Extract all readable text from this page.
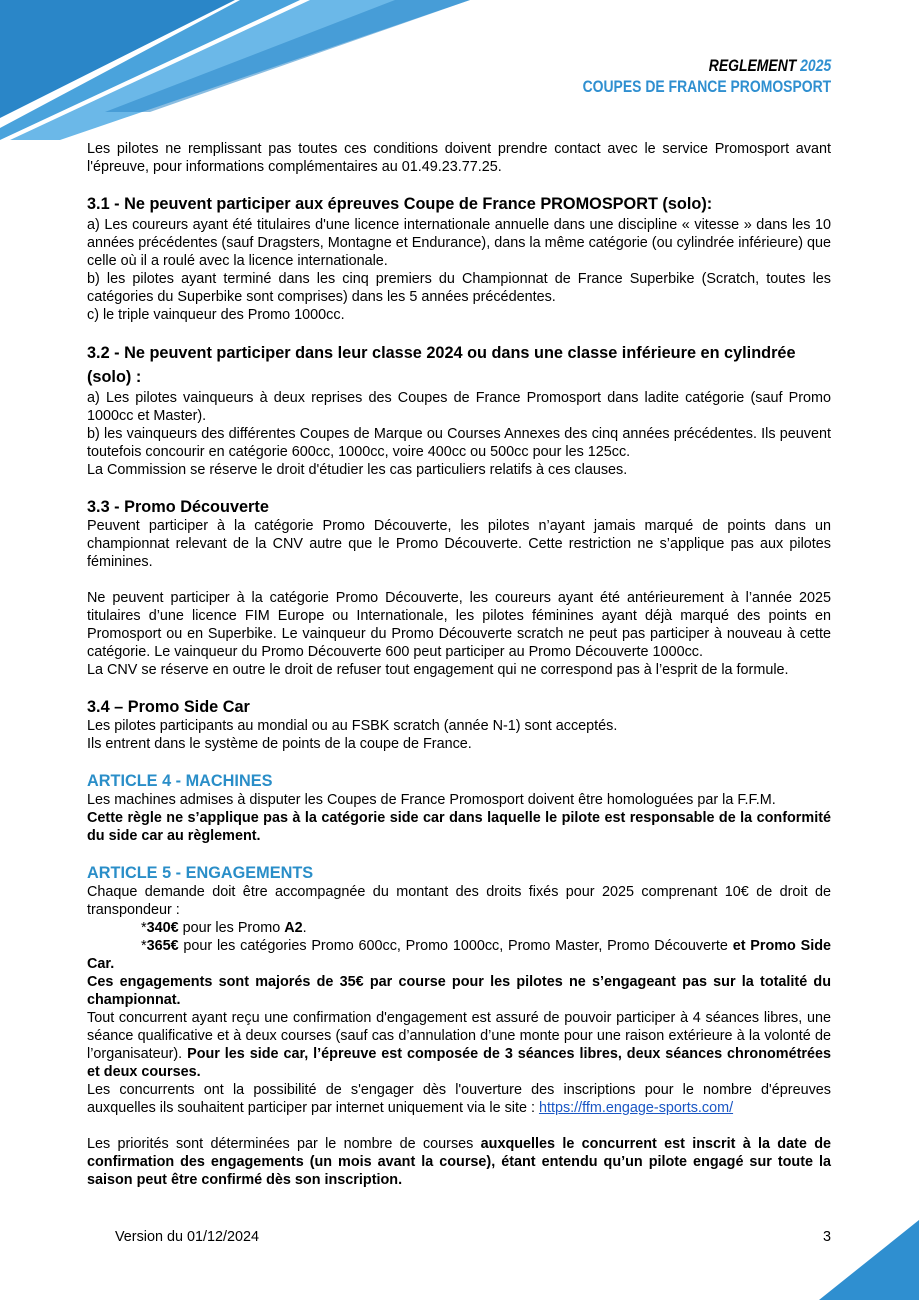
REGLEMENT 2025
COUPES DE FRANCE PROMOSPORT

Les pilotes ne remplissant pas toutes ces conditions doivent prendre contact avec le service Promosport avant l'épreuve, pour informations complémentaires au 01.49.23.77.25.

3.1 - Ne peuvent participer aux épreuves Coupe de France PROMOSPORT (solo):

a) Les coureurs ayant été titulaires d'une licence internationale annuelle dans une discipline « vitesse » dans les 10 années précédentes (sauf Dragsters, Montagne et Endurance), dans la même catégorie (ou cylindrée inférieure) que celle où il a roulé avec la licence internationale.

b) les pilotes ayant terminé dans les cinq premiers du Championnat de France Superbike (Scratch, toutes les catégories du Superbike sont comprises) dans les 5 années précédentes.

c) le triple vainqueur des Promo 1000cc.

3.2 - Ne peuvent participer dans leur classe 2024 ou dans une classe inférieure en cylindrée (solo) :

a) Les pilotes vainqueurs à deux reprises des Coupes de France Promosport dans ladite catégorie (sauf Promo 1000cc et Master).

b) les vainqueurs des différentes Coupes de Marque ou Courses Annexes des cinq années précédentes. Ils peuvent toutefois concourir en catégorie 600cc, 1000cc, voire 400cc ou 500cc pour les 125cc.

La Commission se réserve le droit d'étudier les cas particuliers relatifs à ces clauses.

3.3 - Promo Découverte

Peuvent participer à la catégorie Promo Découverte, les pilotes n’ayant jamais marqué de points dans un championnat relevant de la CNV autre que le Promo Découverte. Cette restriction ne s’applique pas aux pilotes féminines.

Ne peuvent participer à la catégorie Promo Découverte, les coureurs ayant été antérieurement à l’année 2025 titulaires d’une licence FIM Europe ou Internationale, les pilotes féminines ayant déjà marqué des points en Promosport ou en Superbike. Le vainqueur du Promo Découverte scratch ne peut pas participer à nouveau à cette catégorie. Le vainqueur du Promo Découverte 600 peut participer au Promo Découverte 1000cc.

La CNV se réserve en outre le droit de refuser tout engagement qui ne correspond pas à l’esprit de la formule.

3.4 – Promo Side Car

Les pilotes participants au mondial ou au FSBK scratch (année N-1) sont acceptés.

Ils entrent dans le système de points de la coupe de France.

ARTICLE 4 - MACHINES

Les machines admises à disputer les Coupes de France Promosport doivent être homologuées par la F.F.M.

Cette règle ne s’applique pas à la catégorie side car dans laquelle le pilote est responsable de la conformité du side car au règlement.

ARTICLE 5 - ENGAGEMENTS

Chaque demande doit être accompagnée du montant des droits fixés pour 2025 comprenant 10€ de droit de transpondeur :

*340€ pour les Promo A2.

*365€ pour les catégories Promo 600cc, Promo 1000cc, Promo Master, Promo Découverte et Promo Side Car.

Ces engagements sont majorés de 35€ par course pour les pilotes ne s’engageant pas sur la totalité du championnat.

Tout concurrent ayant reçu une confirmation d'engagement est assuré de pouvoir participer à 4 séances libres, une séance qualificative et à deux courses (sauf cas d’annulation d’une monte pour une raison extérieure à la volonté de l’organisateur). Pour les side car, l’épreuve est composée de 3 séances libres, deux séances chronométrées et deux courses.

Les concurrents ont la possibilité de s'engager dès l'ouverture des inscriptions pour le nombre d'épreuves auxquelles ils souhaitent participer par internet uniquement via le site : https://ffm.engage-sports.com/

Les priorités sont déterminées par le nombre de courses auxquelles le concurrent est inscrit à la date de confirmation des engagements (un mois avant la course), étant entendu qu’un pilote engagé sur toute la saison peut être confirmé dès son inscription.

Version du 01/12/2024	3
